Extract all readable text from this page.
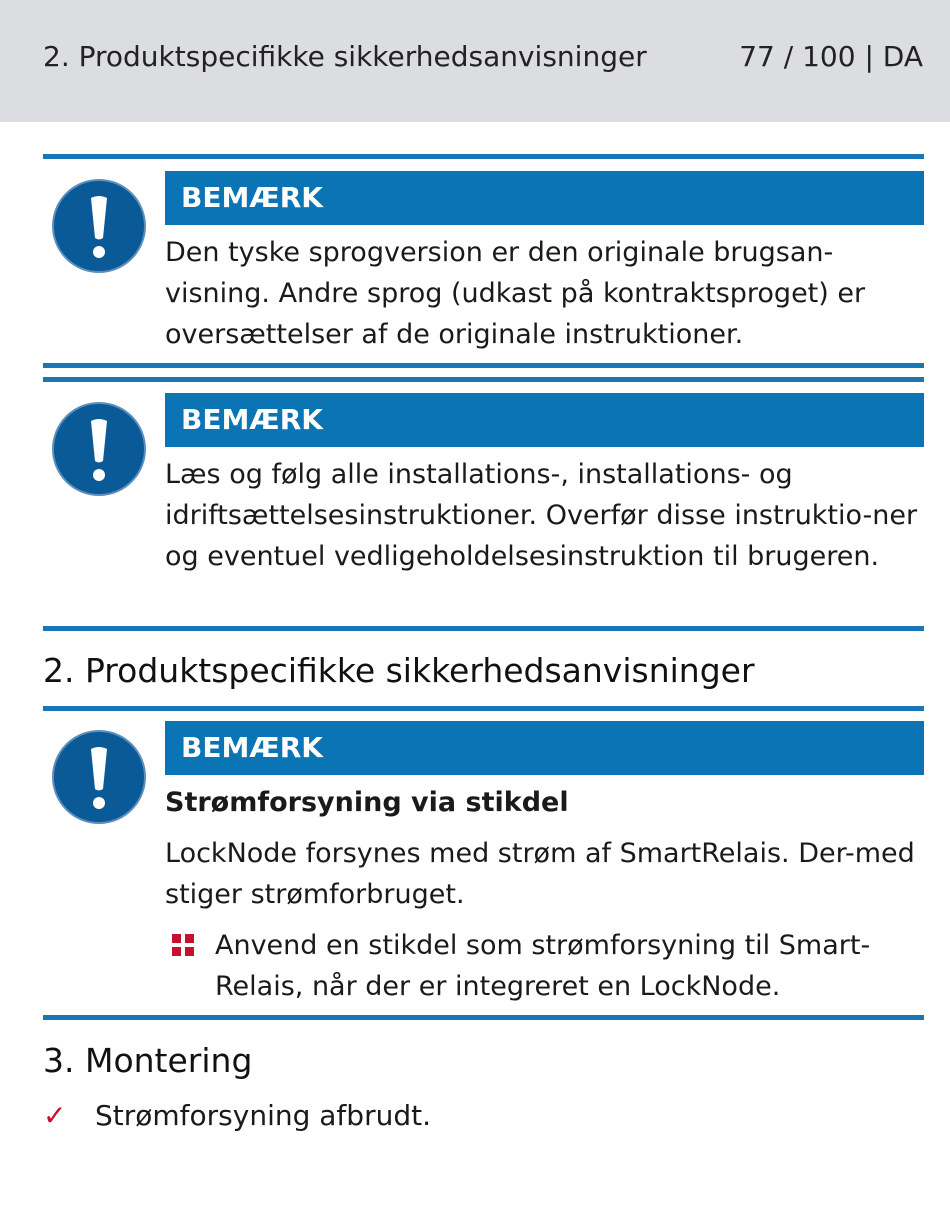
2. Produktspecifikke sikkerhedsanvisninger	77 / 100 | DA
BEMÆRK
Den tyske sprogversion er den originale brugsan-visning. Andre sprog (udkast på kontraktsproget) er oversættelser af de originale instruktioner.
BEMÆRK
Læs og følg alle installations-, installations- og idriftsættelsesinstruktioner. Overfør disse instruktio-ner og eventuel vedligeholdelsesinstruktion til brugeren.
2. Produktspecifikke sikkerhedsanvisninger
BEMÆRK
Strømforsyning via stikdel
LockNode forsynes med strøm af SmartRelais. Der-med stiger strømforbruget.
Anvend en stikdel som strømforsyning til Smart-Relais, når der er integreret en LockNode.
3. Montering
✓ Strømforsyning afbrudt.
